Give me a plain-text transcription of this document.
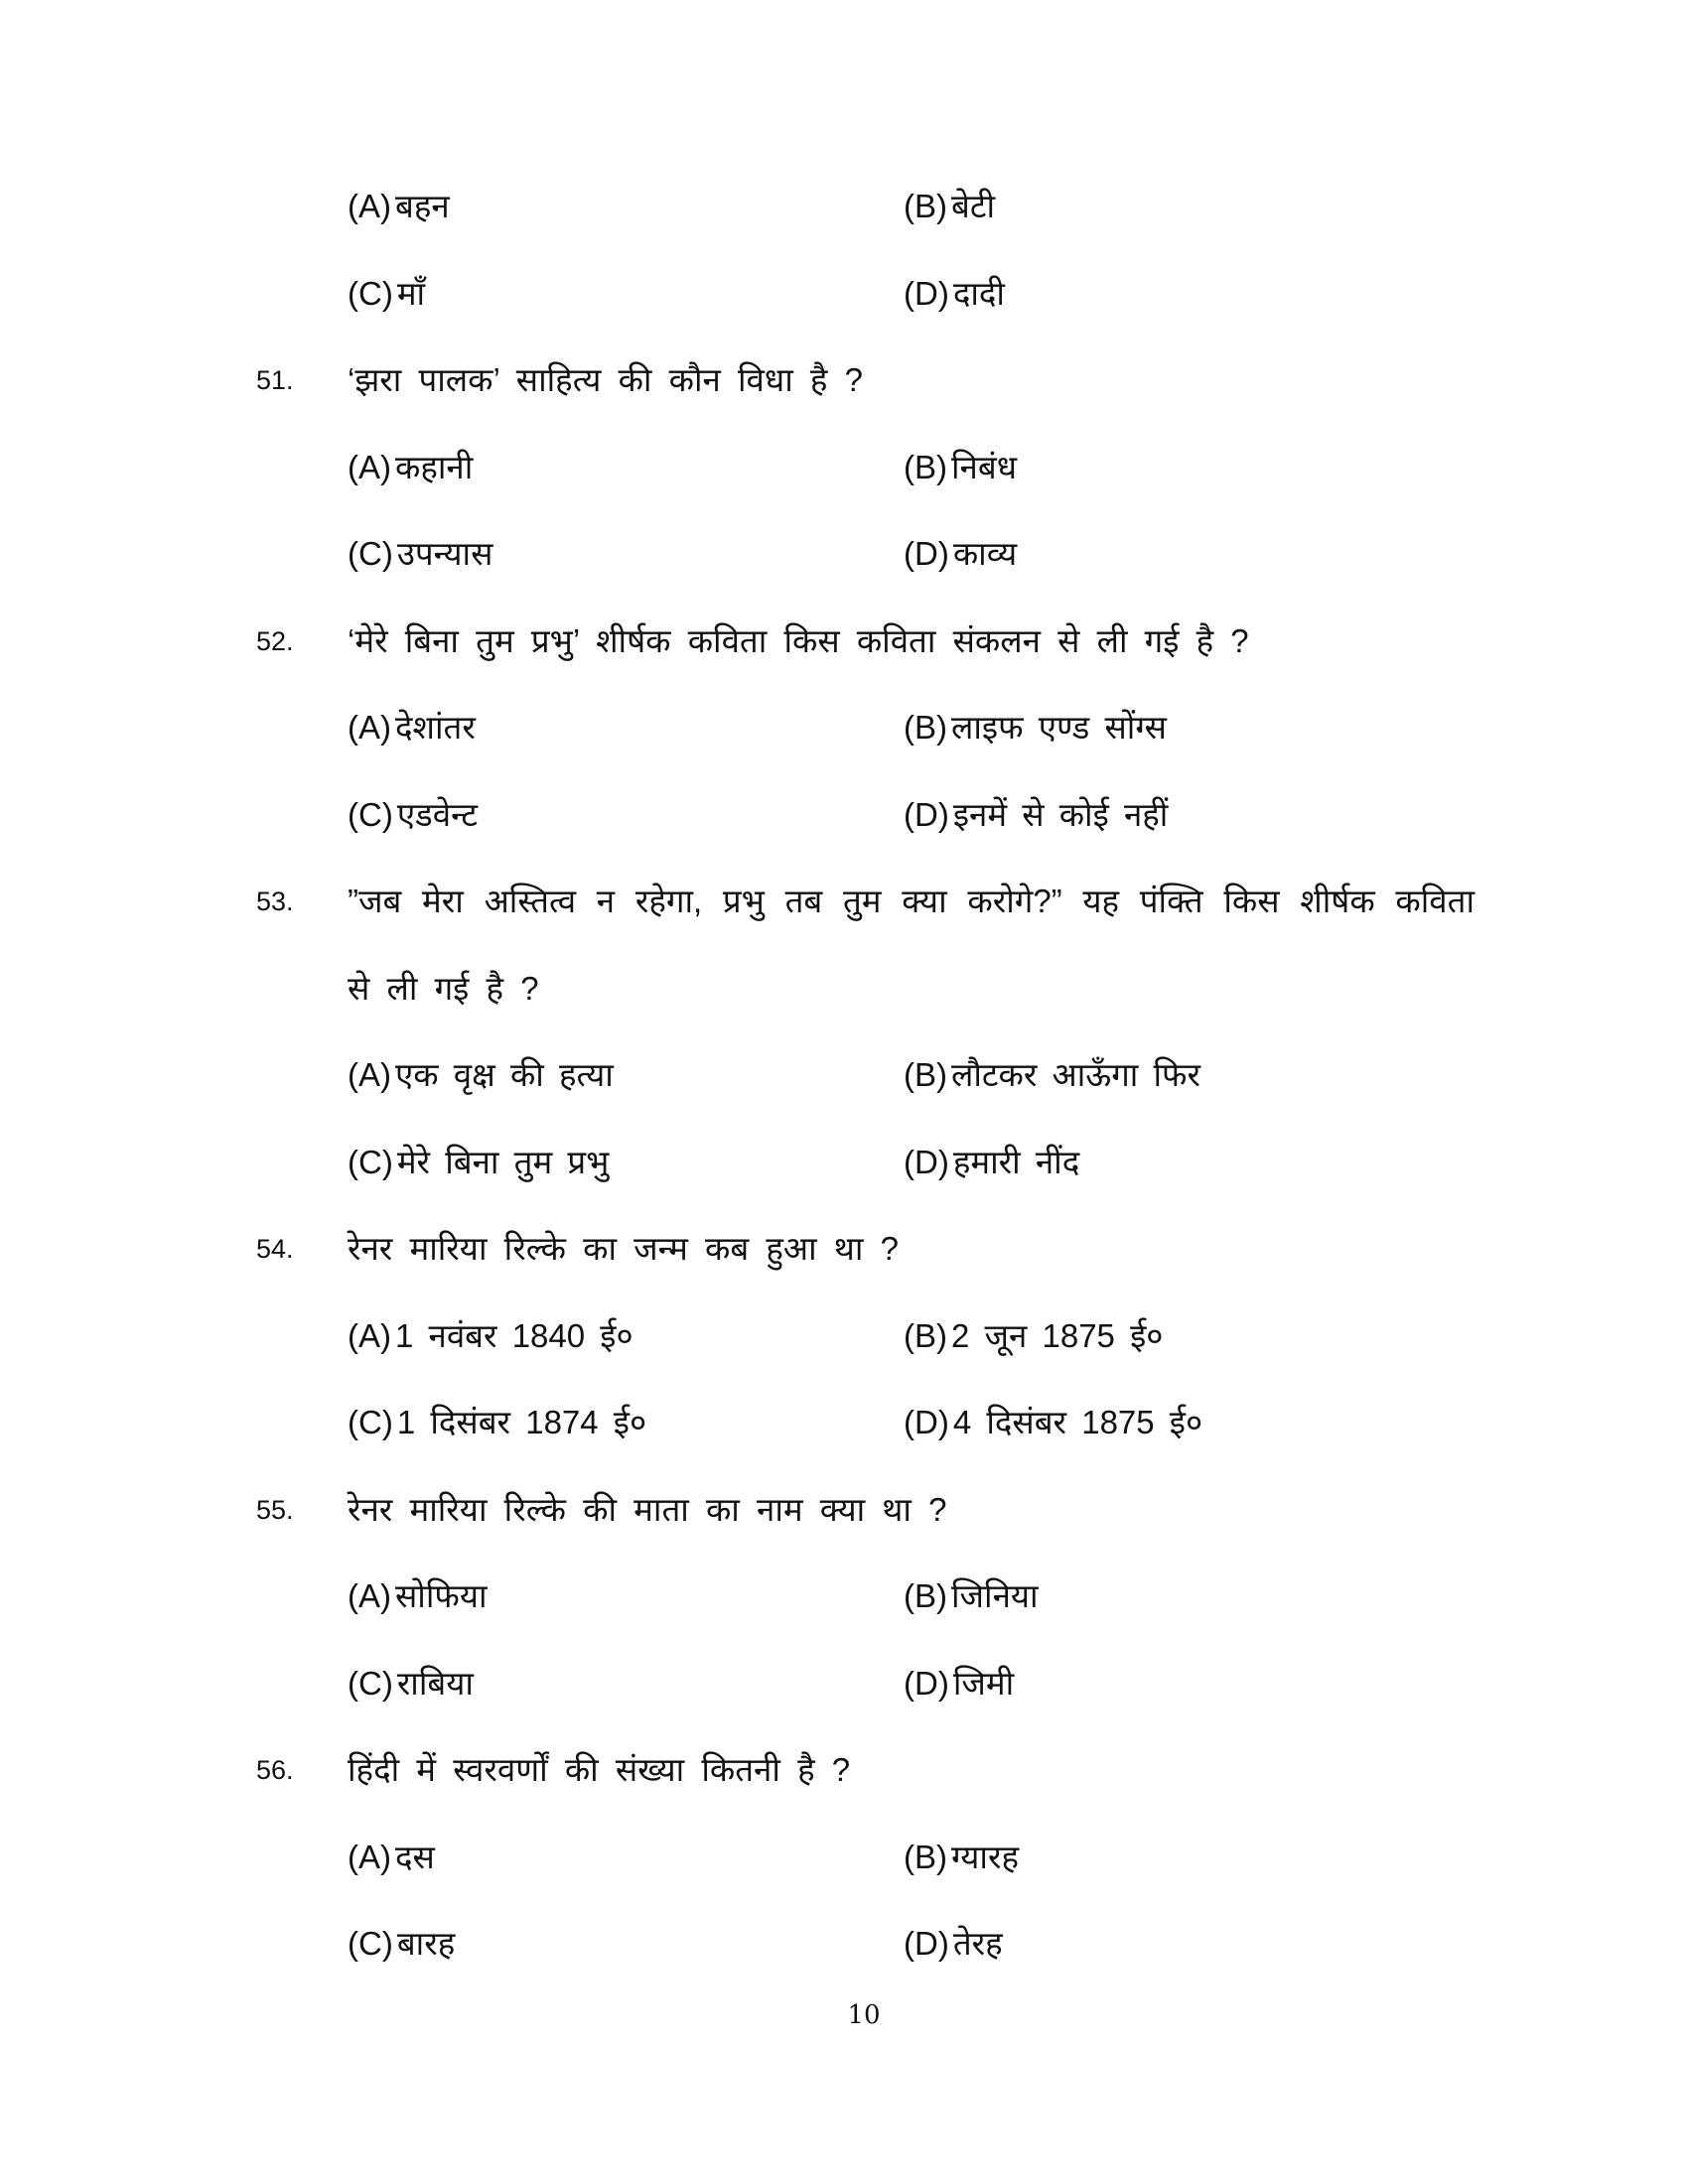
(A) बहन	(B) बेटी
(C) माँ	(D) दादी
51. ‘झरा पालक’ साहित्य की कौन विधा है ?
(A) कहानी	(B) निबंध
(C) उपन्यास	(D) काव्य
52. ‘मेरे बिना तुम प्रभु’ शीर्षक कविता किस कविता संकलन से ली गई है ?
(A) देशांतर	(B) लाइफ एण्ड सोंग्स
(C) एडवेन्ट	(D) इनमें से कोई नहीं
53. ”जब मेरा अस्तित्व न रहेगा, प्रभु तब तुम क्या करोगे?” यह पंक्ति किस शीर्षक कविता
से ली गई है ?
(A) एक वृक्ष की हत्या	(B) लौटकर आऊँगा फिर
(C) मेरे बिना तुम प्रभु	(D) हमारी नींद
54. रेनर मारिया रिल्के का जन्म कब हुआ था ?
(A) 1 नवंबर 1840 ई०	(B) 2 जून 1875 ई०
(C) 1 दिसंबर 1874 ई०	(D) 4 दिसंबर 1875 ई०
55. रेनर मारिया रिल्के की माता का नाम क्या था ?
(A) सोफिया	(B) जिनिया
(C) राबिया	(D) जिमी
56. हिंदी में स्वरवर्णों की संख्या कितनी है ?
(A) दस	(B) ग्यारह
(C) बारह	(D) तेरह
10
